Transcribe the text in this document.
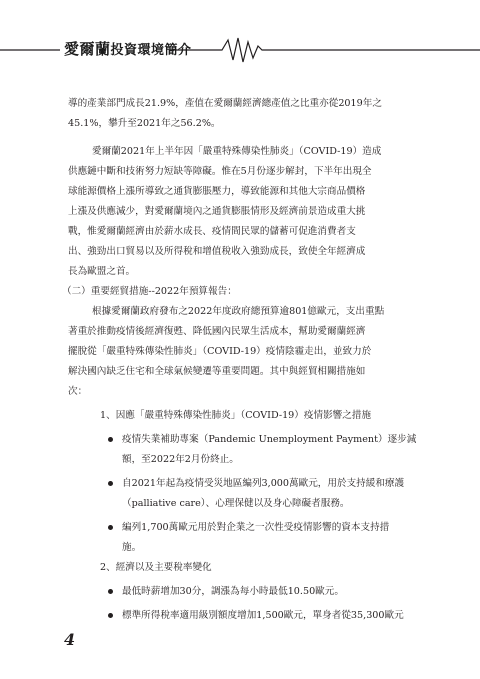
愛爾蘭投資環境簡介
導的產業部門成長21.9%，產值在愛爾蘭經濟總產值之比重亦從2019年之
45.1%，攀升至2021年之56.2%。
愛爾蘭2021年上半年因「嚴重特殊傳染性肺炎」（COVID-19）造成
供應鏈中斷和技術努力短缺等障礙。惟在5月份逐步解封，下半年出現全
球能源價格上漲所導致之通貨膨脹壓力，導致能源和其他大宗商品價格
上漲及供應減少，對愛爾蘭境內之通貨膨脹情形及經濟前景造成重大挑
戰，惟愛爾蘭經濟由於薪水成長、疫情間民眾的儲蓄可促進消費者支
出、強勁出口貿易以及所得稅和增值稅收入強勁成長，致使全年經濟成
長為歐盟之首。
（二）重要經貿措施--2022年預算報告：
根據愛爾蘭政府發布之2022年度政府總預算逾801億歐元，支出重點
著重於推動疫情後經濟復甦、降低國內民眾生活成本，幫助愛爾蘭經濟
擺脫從「嚴重特殊傳染性肺炎」（COVID-19）疫情陰霾走出，並致力於
解決國內缺乏住宅和全球氣候變遷等重要問題。其中與經貿相關措施如
次：
1、因應「嚴重特殊傳染性肺炎」（COVID-19）疫情影響之措施
疫情失業補助專案（Pandemic Unemployment Payment）逐步減
額，至2022年2月份終止。
自2021年起為疫情受災地區編列3,000萬歐元，用於支持緩和療護
（palliative care）、心理保健以及身心障礙者服務。
編列1,700萬歐元用於對企業之一次性受疫情影響的資本支持措
施。
2、經濟以及主要稅率變化
最低時薪增加30分，調漲為每小時最低10.50歐元。
標準所得稅率適用級別額度增加1,500歐元，單身者從35,300歐元
4
